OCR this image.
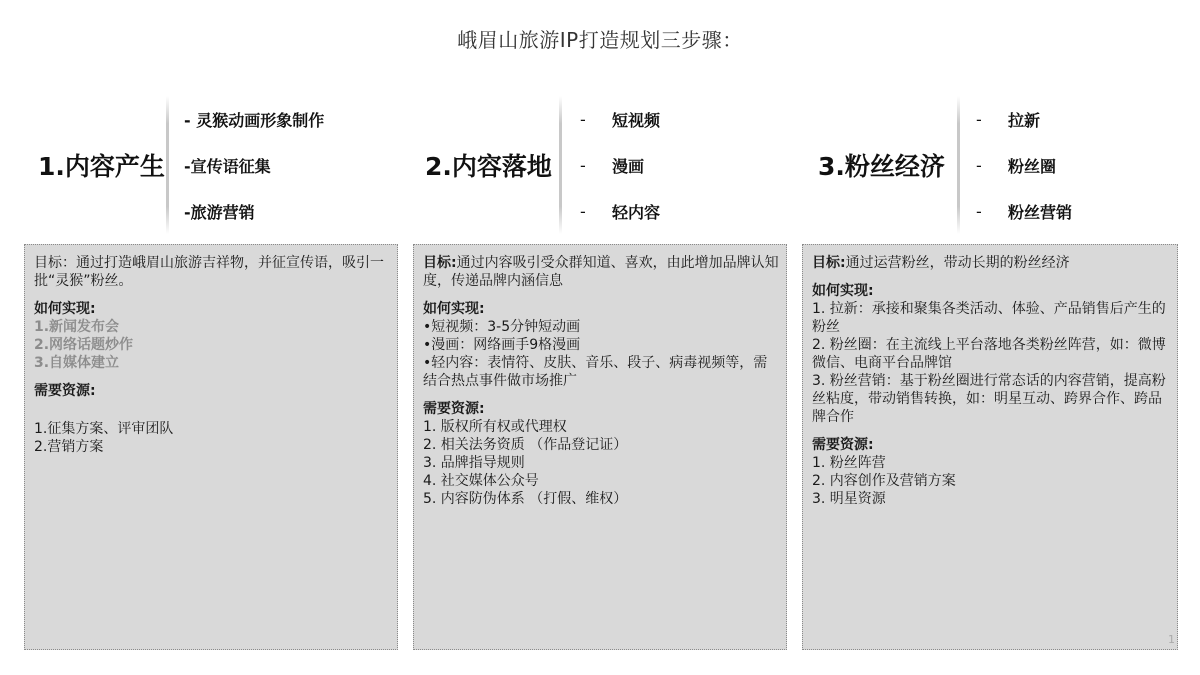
峨眉山旅游IP打造规划三步骤：
1.内容产生
- 灵猴动画形象制作
-宣传语征集
-旅游营销
2.内容落地
-	短视频
-	漫画
-	轻内容
3.粉丝经济
-	拉新
-	粉丝圈
-	粉丝营销

目标：通过打造峨眉山旅游吉祥物，并征宣传语，吸引一批“灵猴”粉丝。

如何实现:

1.新闻发布会

2.网络话题炒作

3.自媒体建立

需要资源:

1.征集方案、评审团队

2.营销方案

目标:通过内容吸引受众群知道、喜欢，由此增加品牌认知度，传递品牌内涵信息

如何实现:

•短视频：3-5分钟短动画

•漫画：网络画手9格漫画

•轻内容：表情符、皮肤、音乐、段子、病毒视频等，需结合热点事件做市场推广

需要资源:

1. 版权所有权或代理权

2. 相关法务资质 （作品登记证）

3. 品牌指导规则

4. 社交媒体公众号

5. 内容防伪体系 （打假、维权）

目标:通过运营粉丝，带动长期的粉丝经济

如何实现:

1. 拉新：承接和聚集各类活动、体验、产品销售后产生的粉丝

2. 粉丝圈：在主流线上平台落地各类粉丝阵营，如：微博微信、电商平台品牌馆

3. 粉丝营销：基于粉丝圈进行常态话的内容营销，提高粉丝粘度，带动销售转换，如：明星互动、跨界合作、跨品牌合作

需要资源:

1. 粉丝阵营

2. 内容创作及营销方案

3. 明星资源

1
